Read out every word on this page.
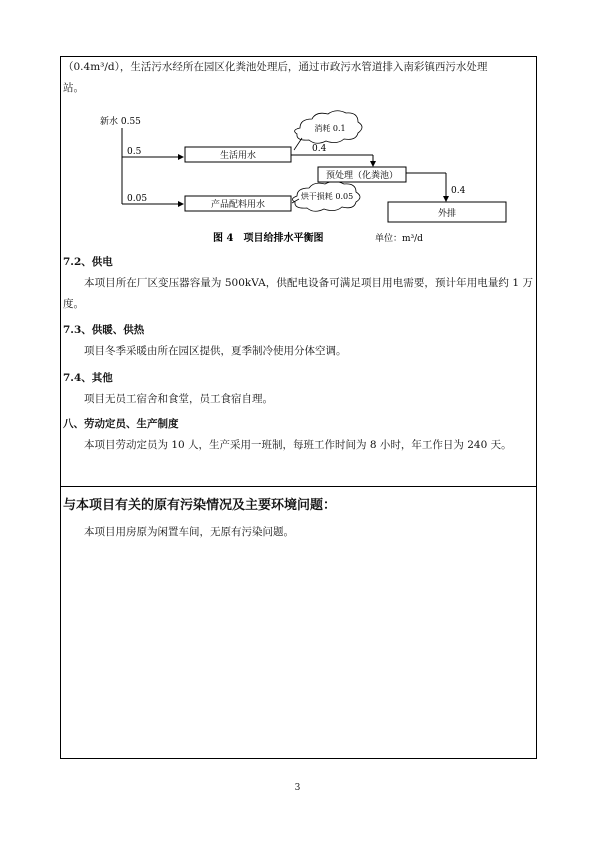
（0.4m³/d），生活污水经所在园区化粪池处理后，通过市政污水管道排入南彩镇西污水处理
站。
新水 0.55
0.5
0.05
生活用水
产品配料用水
消耗 0.1
烘干损耗 0.05
0.4
预处理（化粪池）
0.4
外排
图 4　项目给排水平衡图	单位：m³/d
7.2、供电
本项目所在厂区变压器容量为 500kVA，供配电设备可满足项目用电需要，预计年用电量约 1 万度。
7.3、供暖、供热
项目冬季采暖由所在园区提供，夏季制冷使用分体空调。
7.4、其他
项目无员工宿舍和食堂，员工食宿自理。
八、劳动定员、生产制度
本项目劳动定员为 10 人，生产采用一班制，每班工作时间为 8 小时，年工作日为 240 天。
与本项目有关的原有污染情况及主要环境问题：
本项目用房原为闲置车间，无原有污染问题。
3
